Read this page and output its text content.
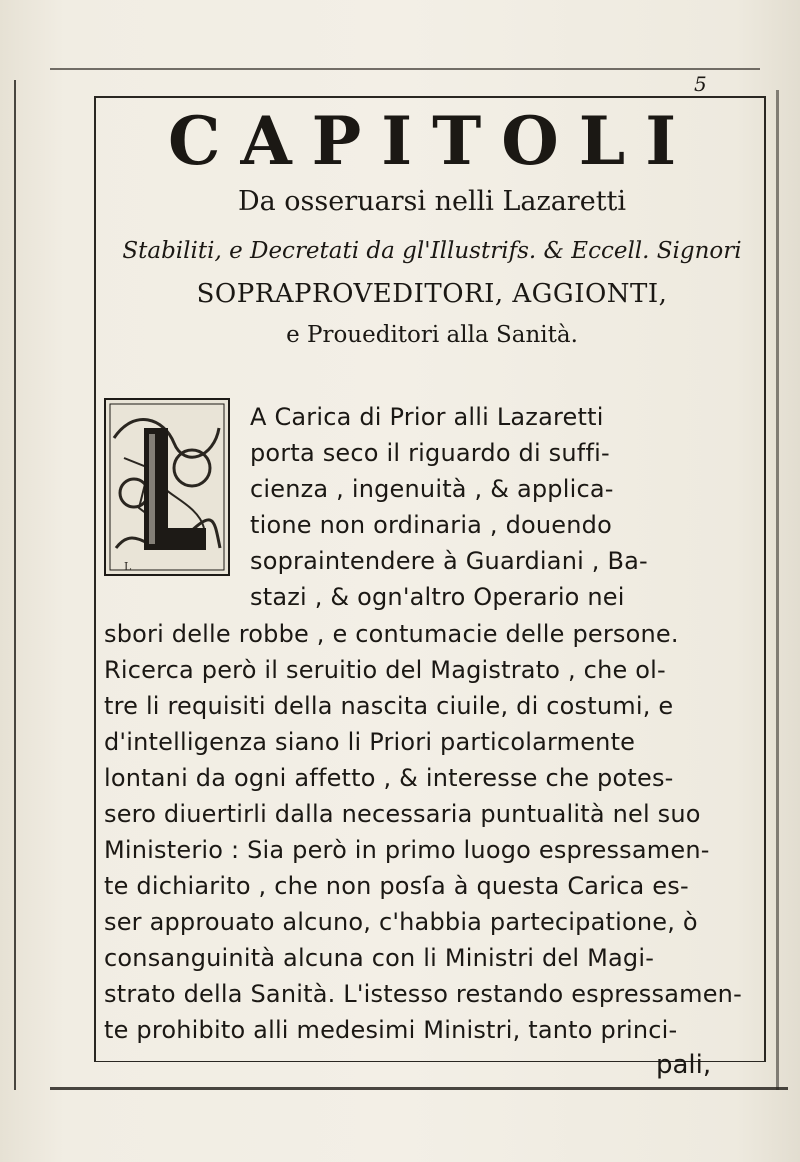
5
CAPITOLI
Da osseruarsi nelli Lazaretti
Stabiliti, e Decretati da gl'Illustrifs. & Eccell. Signori
SOPRAPROVEDITORI, AGGIONTI,
e Proueditori alla Sanità.
L
A Carica di Prior alli Lazaretti
porta seco il riguardo di suffi-
cienza , ingenuità , & applica-
tione non ordinaria , douendo
sopraintendere à Guardiani , Ba-
stazi , & ogn'altro Operario nei
sbori delle robbe , e contumacie delle persone.
Ricerca però il seruitio del Magistrato , che ol-
tre li requisiti della nascita ciuile, di costumi, e
d'intelligenza siano li Priori particolarmente
lontani da ogni affetto , & interesse che potes-
sero diuertirli dalla necessaria puntualità nel suo
Ministerio : Sia però in primo luogo espressamen-
te dichiarito , che non posſa à questa Carica es-
ser approuato alcuno, c'habbia partecipatione, ò
consanguinità alcuna con li Ministri del Magi-
strato della Sanità. L'istesso restando espressamen-
te prohibito alli medesimi Ministri, tanto princi-
pali,
